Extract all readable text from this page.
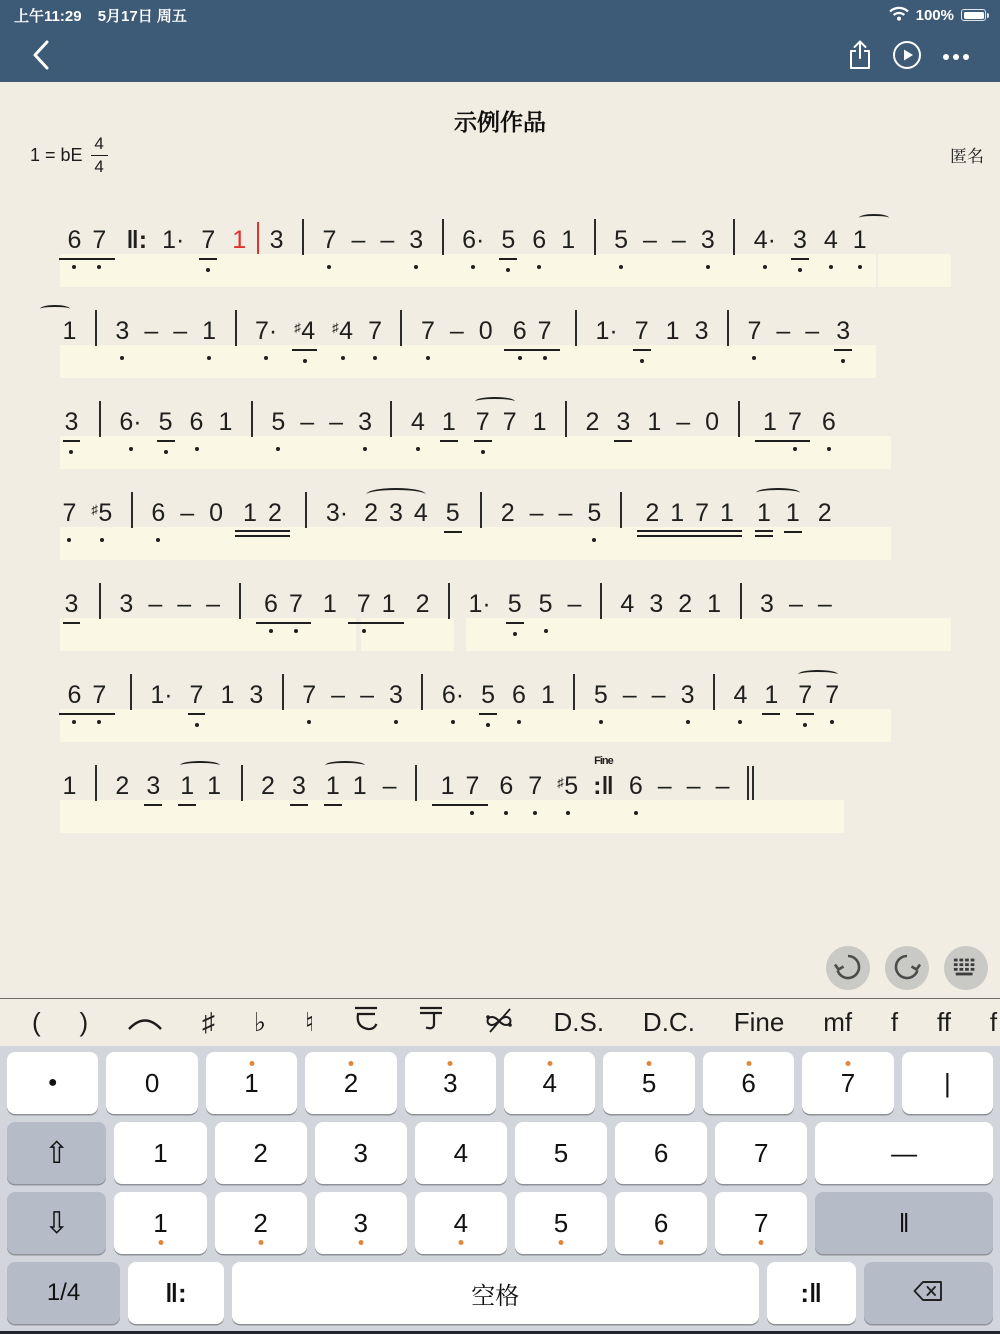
上午11:29 5月17日 周五	100%
示例作品
1 = bE $\frac{4}{4}$	匿名
6 7 ‖: 1· 7 1 3 7 – – 3 6· 5 6 1 5 – – 3 4· 3 4 1
1 3 – – 1 7· ♯4 ♯4 7 7 – 0 6 7 1· 7 1 3 7 – – 3
3 6· 5 6 1 5 – – 3 4 1 7 7 1 2 3 1 – 0 1 7 6
7 ♯5 6 – 0 1 2 3· 2 3 4 5 2 – – 5 2 1 7 1 1 1 2
3 3 – – – 6 7 1 7 1 2 1· 5 5 – 4 3 2 1 3 – –
6 7 1· 7 1 3 7 – – 3 6· 5 6 1 5 – – 3 4 1 7 7
1 2 3 1 1 2 3 1 1 – 1 7 6 7 ♯5 :‖
Fine
6 – – –
( )	♯ ♭ ♮	D.S. D.C. Fine mf f ff f
●	0	1	2	3	4	5	6	7	|
⇧	1	2	3	4	5	6	7	—
⇩	1	2	3	4	5	6	7	‖
1/4	‖:	空格	:‖
